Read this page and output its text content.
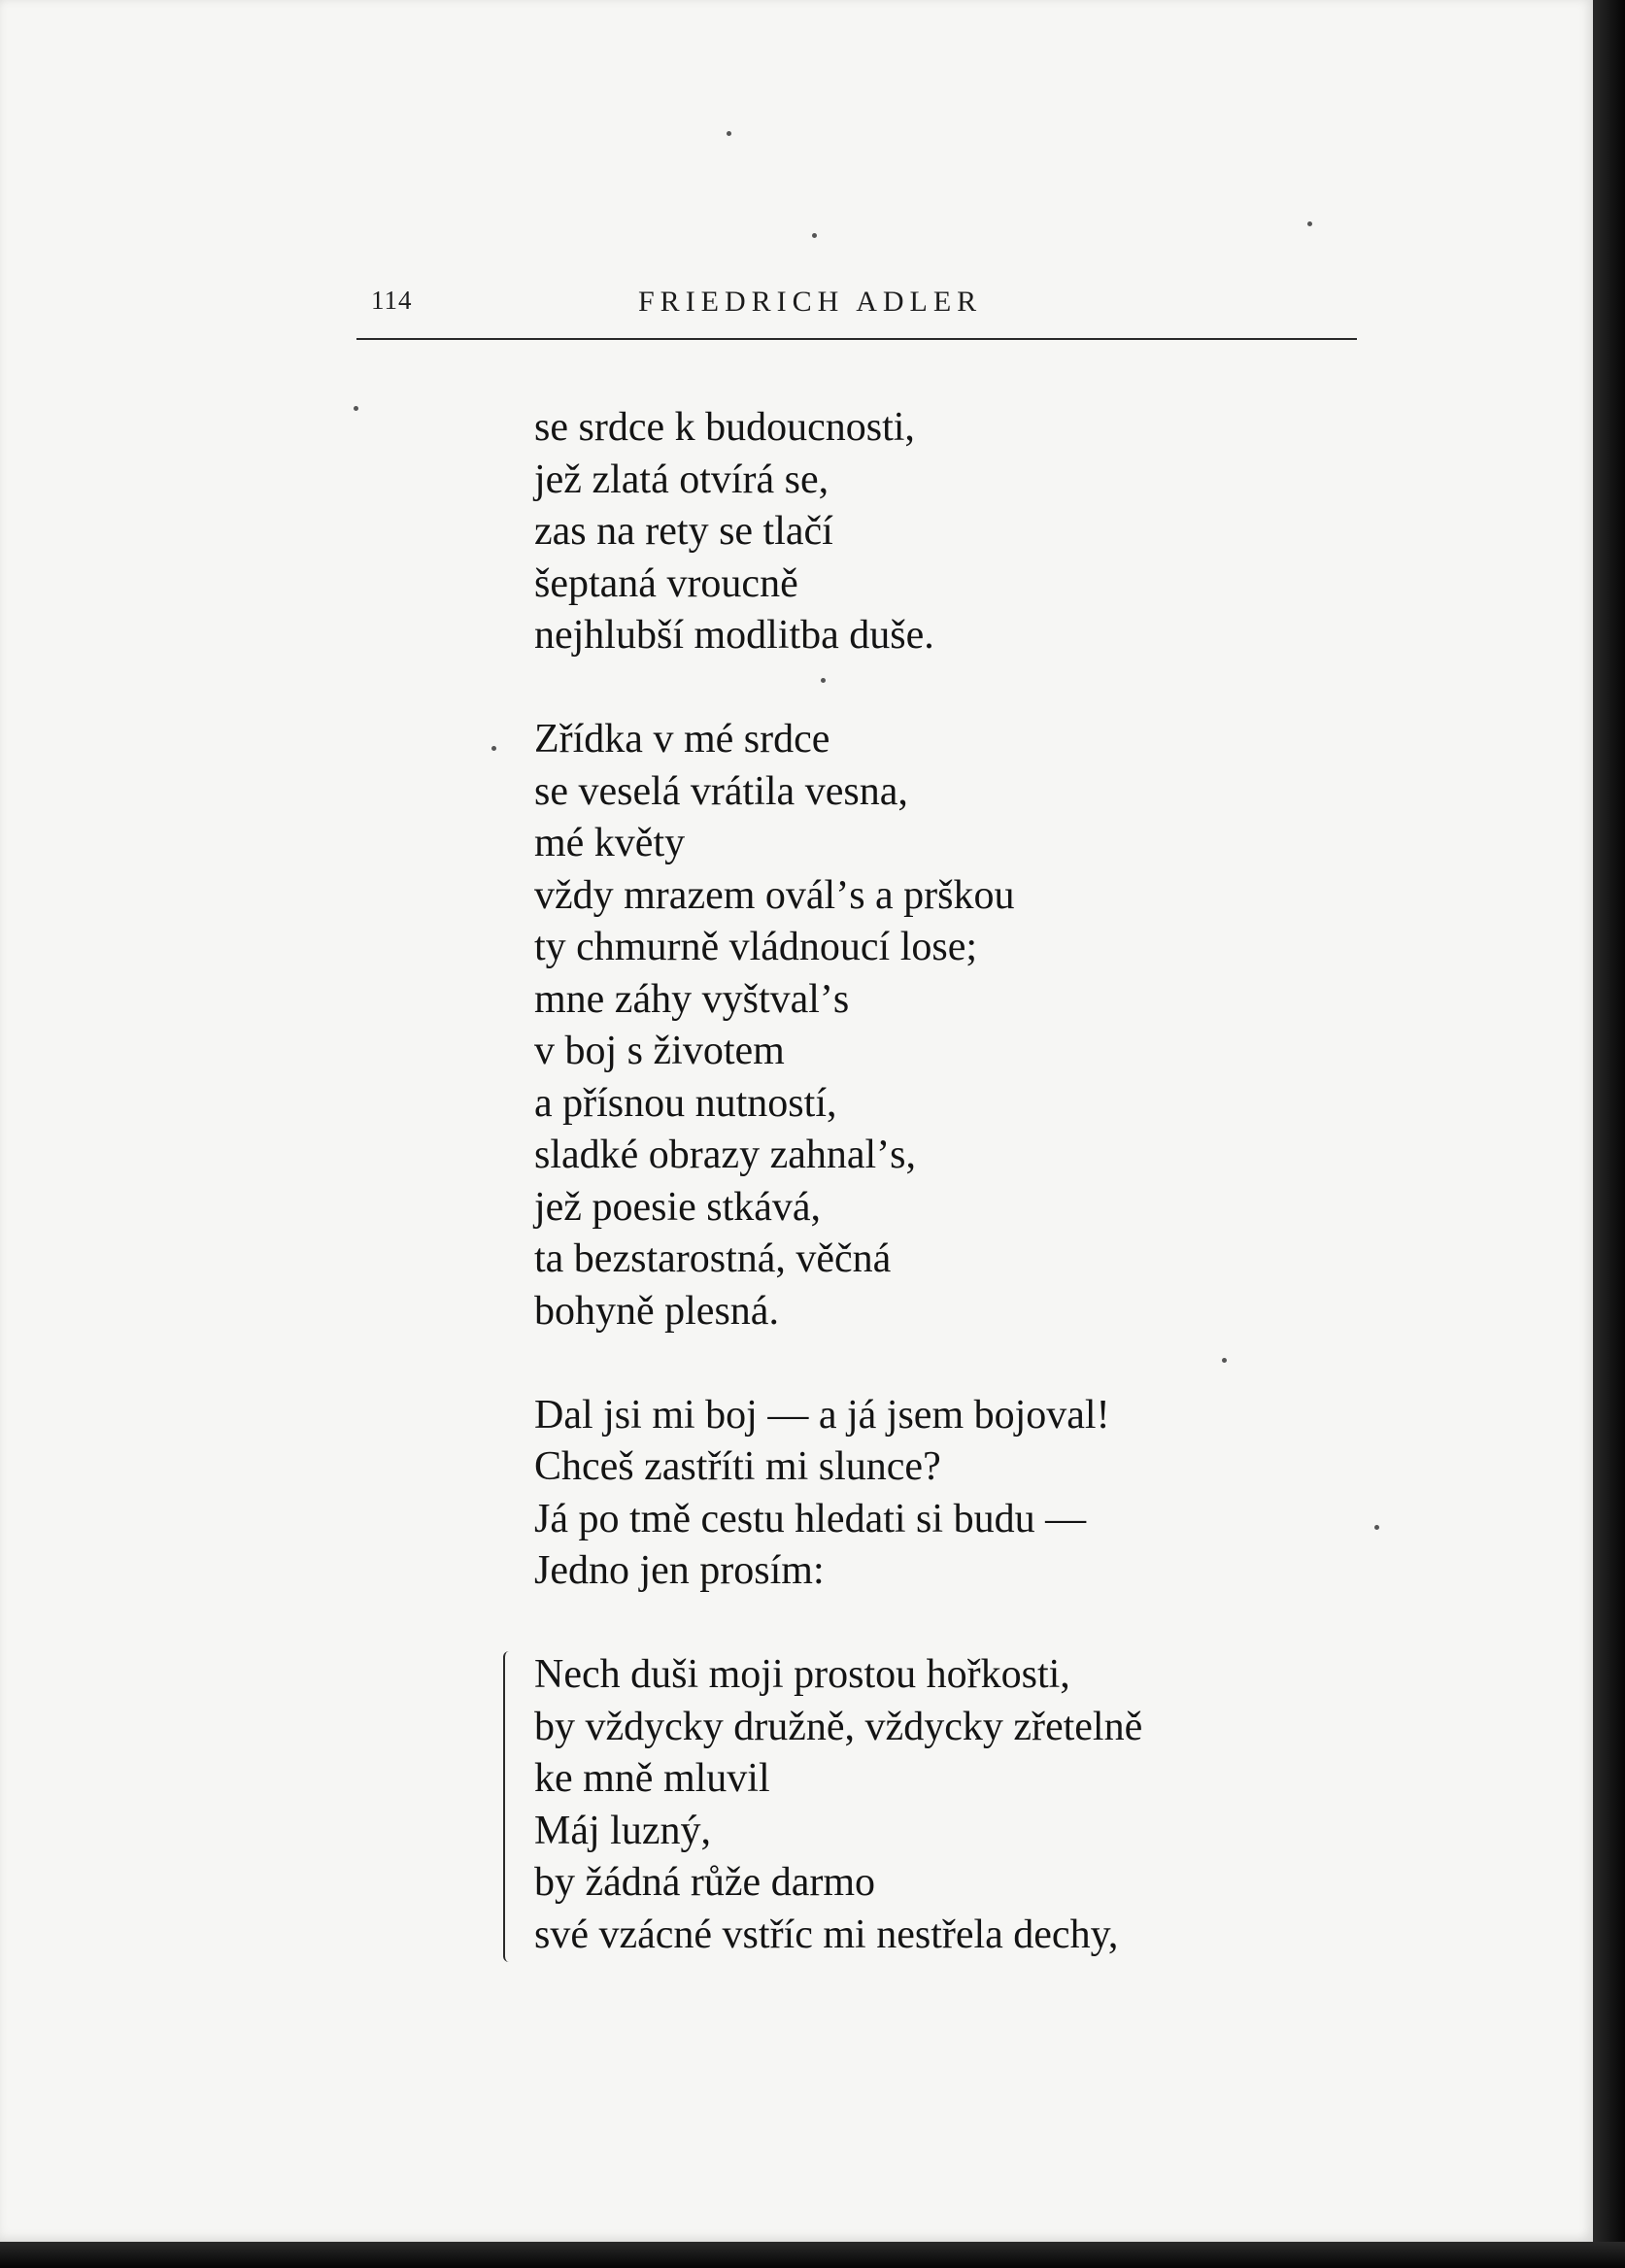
114	FRIEDRICH ADLER
se srdce k budoucnosti,
jež zlatá otvírá se,
zas na rety se tlačí
šeptaná vroucně
nejhlubší modlitba duše.
Zřídka v mé srdce
se veselá vrátila vesna,
mé květy
vždy mrazem oválʼs a prškou
ty chmurně vládnoucí lose;
mne záhy vyštvalʼs
v boj s životem
a přísnou nutností,
sladké obrazy zahnalʼs,
jež poesie stkává,
ta bezstarostná, věčná
bohyně plesná.
Dal jsi mi boj — a já jsem bojoval!
Chceš zastříti mi slunce?
Já po tmě cestu hledati si budu —
Jedno jen prosím:
Nech duši moji prostou hořkosti,
by vždycky družně, vždycky zřetelně
ke mně mluvil
Máj luzný,
by žádná růže darmo
své vzácné vstříc mi nestřela dechy,
